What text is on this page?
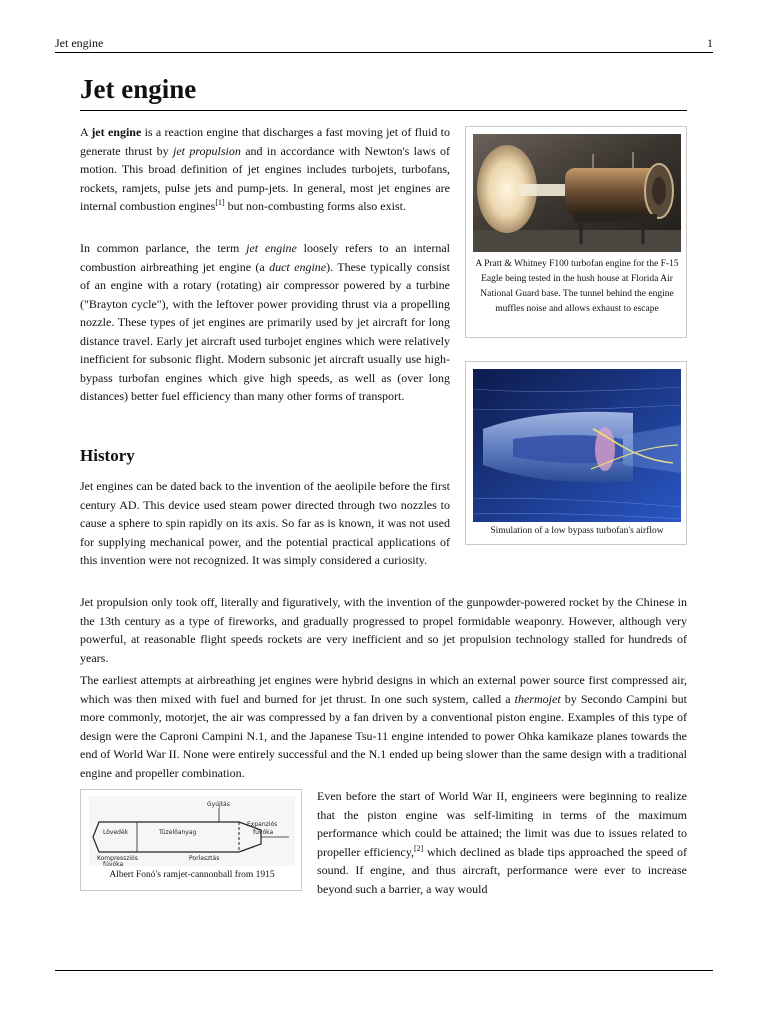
Jet engine	1
Jet engine

A jet engine is a reaction engine that discharges a fast moving jet of fluid to generate thrust by jet propulsion and in accordance with Newton's laws of motion. This broad definition of jet engines includes turbojets, turbofans, rockets, ramjets, pulse jets and pump-jets. In general, most jet engines are internal combustion engines[1] but non-combusting forms also exist.

In common parlance, the term jet engine loosely refers to an internal combustion airbreathing jet engine (a duct engine). These typically consist of an engine with a rotary (rotating) air compressor powered by a turbine ("Brayton cycle"), with the leftover power providing thrust via a propelling nozzle. These types of jet engines are primarily used by jet aircraft for long distance travel. Early jet aircraft used turbojet engines which were relatively inefficient for subsonic flight. Modern subsonic jet aircraft usually use high-bypass turbofan engines which give high speeds, as well as (over long distances) better fuel efficiency than many other forms of transport.

History

Jet engines can be dated back to the invention of the aeolipile before the first century AD. This device used steam power directed through two nozzles to cause a sphere to spin rapidly on its axis. So far as is known, it was not used for supplying mechanical power, and the potential practical applications of this invention were not recognized. It was simply considered a curiosity.

Jet propulsion only took off, literally and figuratively, with the invention of the gunpowder-powered rocket by the Chinese in the 13th century as a type of fireworks, and gradually progressed to propel formidable weaponry. However, although very powerful, at reasonable flight speeds rockets are very inefficient and so jet propulsion technology stalled for hundreds of years.

The earliest attempts at airbreathing jet engines were hybrid designs in which an external power source first compressed air, which was then mixed with fuel and burned for jet thrust. In one such system, called a thermojet by Secondo Campini but more commonly, motorjet, the air was compressed by a fan driven by a conventional piston engine. Examples of this type of design were the Caproni Campini N.1, and the Japanese Tsu-11 engine intended to power Ohka kamikaze planes towards the end of World War II. None were entirely successful and the N.1 ended up being slower than the same design with a traditional engine and propeller combination.

Even before the start of World War II, engineers were beginning to realize that the piston engine was self-limiting in terms of the maximum performance which could be attained; the limit was due to issues related to propeller efficiency,[2] which declined as blade tips approached the speed of sound. If engine, and thus aircraft, performance were ever to increase beyond such a barrier, a way would

A Pratt & Whitney F100 turbofan engine for the F-15 Eagle being tested in the hush house at Florida Air National Guard base. The tunnel behind the engine muffles noise and allows exhaust to escape
Simulation of a low bypass turbofan's airflow
Gyújtás
Lövedék	Tüzelőanyag
Expanziós
fúvóka
Kompressziós
fúvóka
Porlasztás
Albert Fonó's ramjet-cannonball from 1915
